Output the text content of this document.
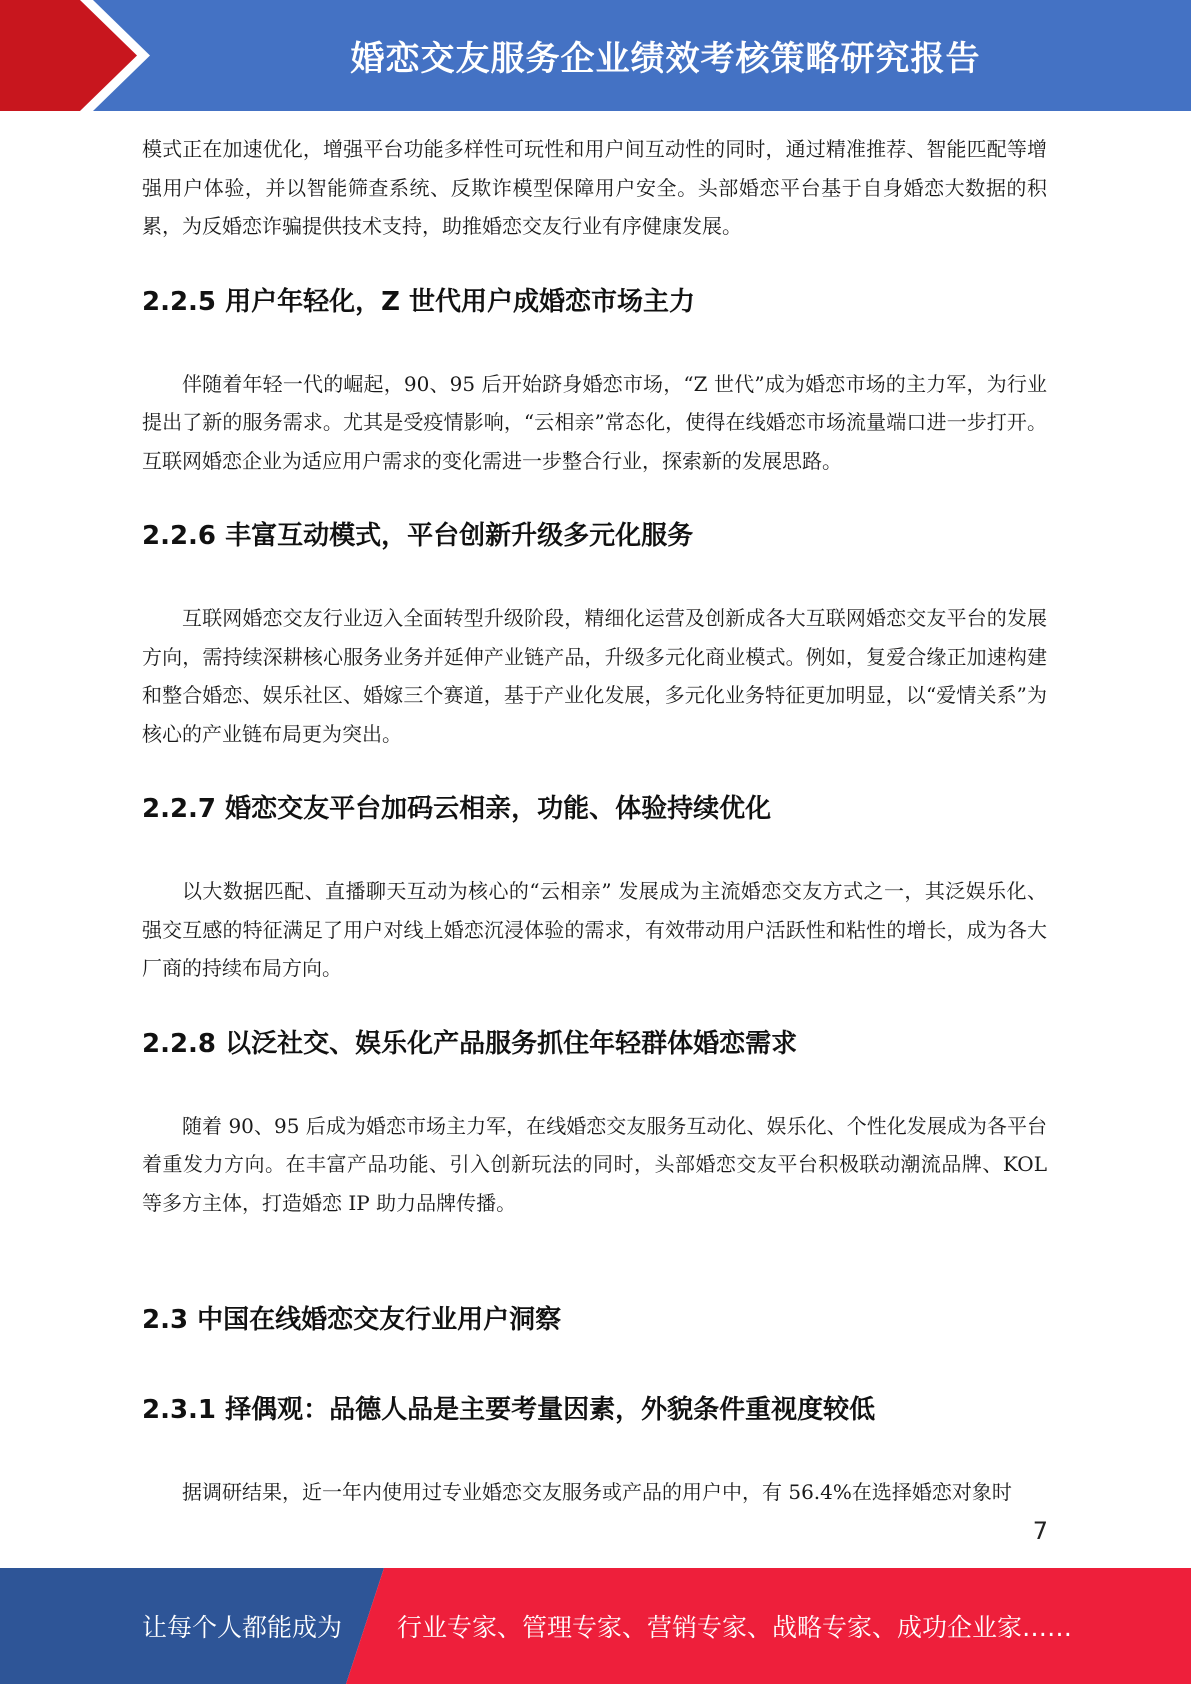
婚恋交友服务企业绩效考核策略研究报告

模式正在加速优化，增强平台功能多样性可玩性和用户间互动性的同时，通过精准推荐、智能匹配等增强用户体验，并以智能筛查系统、反欺诈模型保障用户安全。头部婚恋平台基于自身婚恋大数据的积累，为反婚恋诈骗提供技术支持，助推婚恋交友行业有序健康发展。

2.2.5 用户年轻化，Z 世代用户成婚恋市场主力

伴随着年轻一代的崛起，90、95 后开始跻身婚恋市场，“Z 世代”成为婚恋市场的主力军，为行业提出了新的服务需求。尤其是受疫情影响，“云相亲”常态化，使得在线婚恋市场流量端口进一步打开。互联网婚恋企业为适应用户需求的变化需进一步整合行业，探索新的发展思路。

2.2.6 丰富互动模式，平台创新升级多元化服务

互联网婚恋交友行业迈入全面转型升级阶段，精细化运营及创新成各大互联网婚恋交友平台的发展方向，需持续深耕核心服务业务并延伸产业链产品，升级多元化商业模式。例如，复爱合缘正加速构建和整合婚恋、娱乐社区、婚嫁三个赛道，基于产业化发展，多元化业务特征更加明显，以“爱情关系”为核心的产业链布局更为突出。

2.2.7 婚恋交友平台加码云相亲，功能、体验持续优化

以大数据匹配、直播聊天互动为核心的“云相亲” 发展成为主流婚恋交友方式之一，其泛娱乐化、强交互感的特征满足了用户对线上婚恋沉浸体验的需求，有效带动用户活跃性和粘性的增长，成为各大厂商的持续布局方向。

2.2.8 以泛社交、娱乐化产品服务抓住年轻群体婚恋需求

随着 90、95 后成为婚恋市场主力军，在线婚恋交友服务互动化、娱乐化、个性化发展成为各平台着重发力方向。在丰富产品功能、引入创新玩法的同时，头部婚恋交友平台积极联动潮流品牌、KOL 等多方主体，打造婚恋 IP 助力品牌传播。

2.3 中国在线婚恋交友行业用户洞察
2.3.1 择偶观：品德人品是主要考量因素，外貌条件重视度较低

据调研结果，近一年内使用过专业婚恋交友服务或产品的用户中，有 56.4%在选择婚恋对象时

7
让每个人都能成为 行业专家、管理专家、营销专家、战略专家、成功企业家……
